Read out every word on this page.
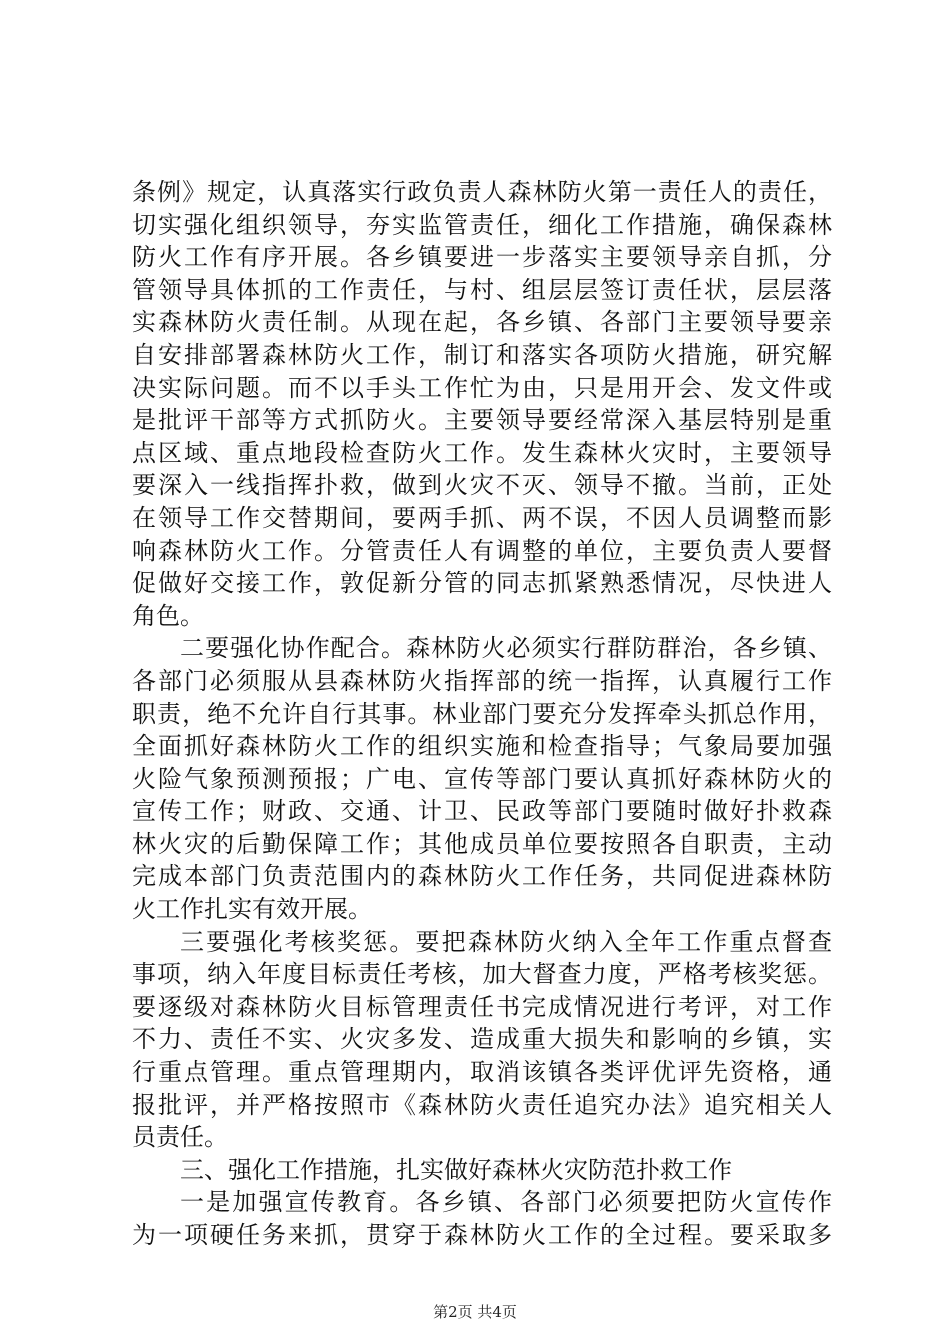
条例》规定，认真落实行政负责人森林防火第一责任人的责任，
切实强化组织领导，夯实监管责任，细化工作措施，确保森林
防火工作有序开展。各乡镇要进一步落实主要领导亲自抓，分
管领导具体抓的工作责任，与村、组层层签订责任状，层层落
实森林防火责任制。从现在起，各乡镇、各部门主要领导要亲
自安排部署森林防火工作，制订和落实各项防火措施，研究解
决实际问题。而不以手头工作忙为由，只是用开会、发文件或
是批评干部等方式抓防火。主要领导要经常深入基层特别是重
点区域、重点地段检查防火工作。发生森林火灾时，主要领导
要深入一线指挥扑救，做到火灾不灭、领导不撤。当前，正处
在领导工作交替期间，要两手抓、两不误，不因人员调整而影
响森林防火工作。分管责任人有调整的单位，主要负责人要督
促做好交接工作，敦促新分管的同志抓紧熟悉情况，尽快进人
角色。
二要强化协作配合。森林防火必须实行群防群治，各乡镇、
各部门必须服从县森林防火指挥部的统一指挥，认真履行工作
职责，绝不允许自行其事。林业部门要充分发挥牵头抓总作用，
全面抓好森林防火工作的组织实施和检查指导；气象局要加强
火险气象预测预报；广电、宣传等部门要认真抓好森林防火的
宣传工作；财政、交通、计卫、民政等部门要随时做好扑救森
林火灾的后勤保障工作；其他成员单位要按照各自职责，主动
完成本部门负责范围内的森林防火工作任务，共同促进森林防
火工作扎实有效开展。
三要强化考核奖惩。要把森林防火纳入全年工作重点督查
事项，纳入年度目标责任考核，加大督查力度，严格考核奖惩。
要逐级对森林防火目标管理责任书完成情况进行考评，对工作
不力、责任不实、火灾多发、造成重大损失和影响的乡镇，实
行重点管理。重点管理期内，取消该镇各类评优评先资格，通
报批评，并严格按照市《森林防火责任追究办法》追究相关人
员责任。
三、强化工作措施，扎实做好森林火灾防范扑救工作
一是加强宣传教育。各乡镇、各部门必须要把防火宣传作
为一项硬任务来抓，贯穿于森林防火工作的全过程。要采取多
第2页 共4页
